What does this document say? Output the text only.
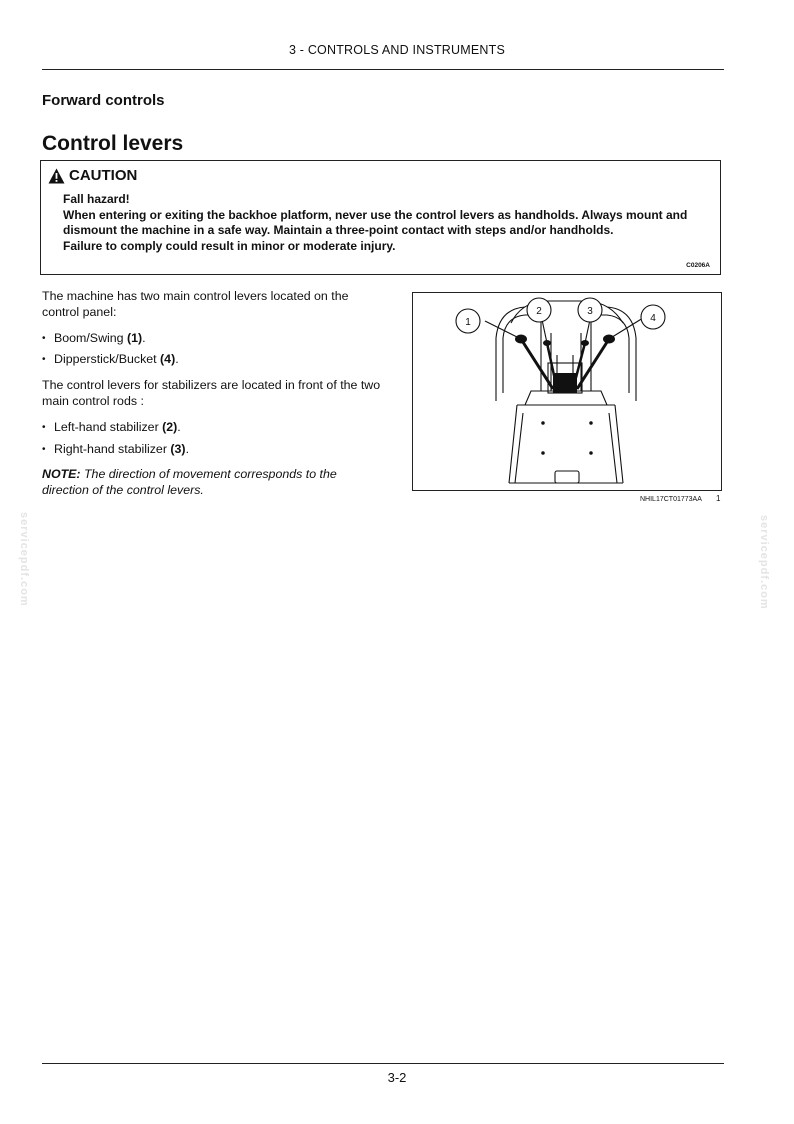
3 - CONTROLS AND INSTRUMENTS
Forward controls
Control levers
CAUTION

Fall hazard!

When entering or exiting the backhoe platform, never use the control levers as handholds. Always mount and dismount the machine in a safe way. Maintain a three-point contact with steps and/or handholds.

Failure to comply could result in minor or moderate injury.

C0206A

The machine has two main control levers located on the control panel:

• Boom/Swing (1).
• Dipperstick/Bucket (4).

The control levers for stabilizers are located in front of the two main control rods :

• Left-hand stabilizer (2).
• Right-hand stabilizer (3).

NOTE: The direction of movement corresponds to the direction of the control levers.

1
2	3
4
NHIL17CT01773AA 1
servicepdf.com	servicepdf.com
3-2
